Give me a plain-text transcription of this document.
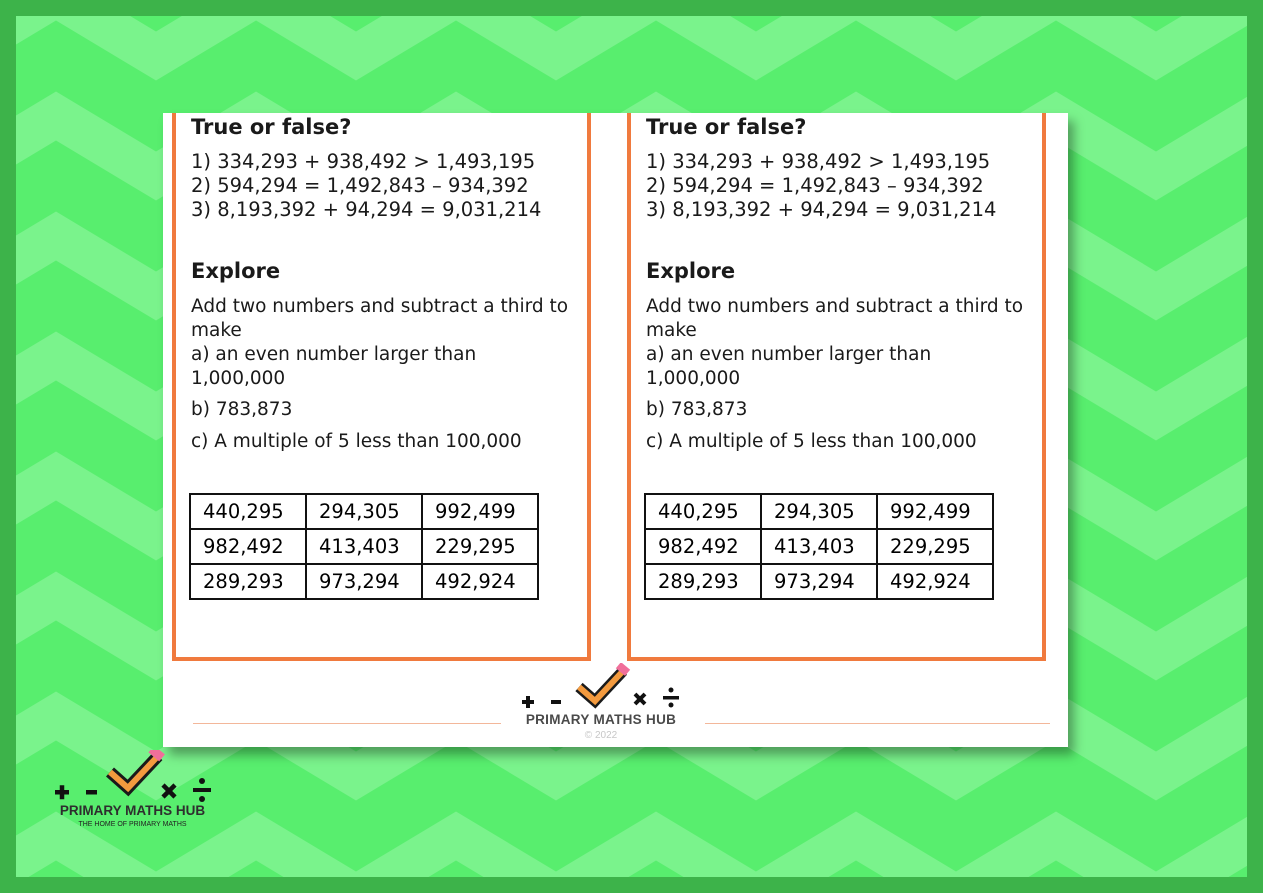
True or false?
1) 334,293 + 938,492 > 1,493,195
2) 594,294 = 1,492,843 – 934,392
3) 8,193,392 + 94,294 = 9,031,214
Explore
Add two numbers and subtract a third to make
a) an even number larger than 1,000,000
b) 783,873
c) A multiple of 5 less than 100,000
440,295	294,305	992,499
982,492	413,403	229,295
289,293	973,294	492,924
True or false?
1) 334,293 + 938,492 > 1,493,195
2) 594,294 = 1,492,843 – 934,392
3) 8,193,392 + 94,294 = 9,031,214
Explore
Add two numbers and subtract a third to make
a) an even number larger than 1,000,000
b) 783,873
c) A multiple of 5 less than 100,000
440,295	294,305	992,499
982,492	413,403	229,295
289,293	973,294	492,924
PRIMARY MATHS HUB
© 2022
PRIMARY MATHS HUB
THE HOME OF PRIMARY MATHS
